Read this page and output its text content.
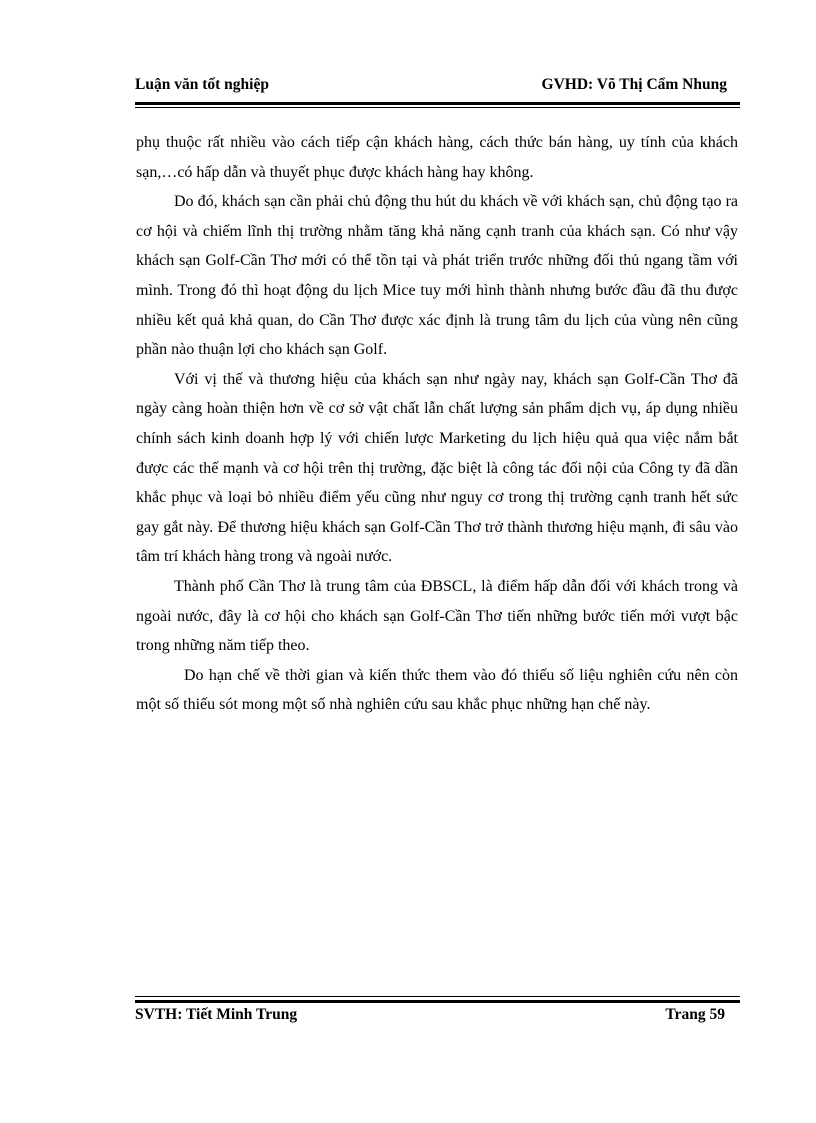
Luận văn tốt nghiệp	GVHD: Võ Thị Cẩm Nhung

phụ thuộc rất nhiều vào cách tiếp cận khách hàng, cách thức bán hàng, uy tính của khách sạn,…có hấp dẫn và thuyết phục được khách hàng hay không.

Do đó, khách sạn cần phải chủ động thu hút du khách về với khách sạn, chủ động tạo ra cơ hội và chiếm lĩnh thị trường nhằm tăng khả năng cạnh tranh của khách sạn. Có như vậy khách sạn Golf-Cần Thơ mới có thể tồn tại và phát triển trước những đối thủ ngang tầm với mình. Trong đó thì hoạt động du lịch Mice tuy mới hình thành nhưng bước đầu đã thu được nhiều kết quả khả quan, do Cần Thơ được xác định là trung tâm du lịch của vùng nên cũng phần nào thuận lợi cho khách sạn Golf.

Với vị thế và thương hiệu của khách sạn như ngày nay, khách sạn Golf-Cần Thơ đã ngày càng hoàn thiện hơn về cơ sở vật chất lẫn chất lượng sản phẩm dịch vụ, áp dụng nhiều chính sách kinh doanh hợp lý với chiến lược Marketing du lịch hiệu quả qua việc nắm bắt được các thế mạnh và cơ hội trên thị trường, đặc biệt là công tác đối nội của Công ty đã dần khắc phục và loại bỏ nhiều điểm yếu cũng như nguy cơ trong thị trường cạnh tranh hết sức gay gắt này. Để thương hiệu khách sạn Golf-Cần Thơ trở thành thương hiệu mạnh, đi sâu vào tâm trí khách hàng trong và ngoài nước.

Thành phố Cần Thơ là trung tâm của ĐBSCL, là điểm hấp dẫn đối với khách trong và ngoài nước, đây là cơ hội cho khách sạn Golf-Cần Thơ tiến những bước tiến mới vượt bậc trong những năm tiếp theo.

Do hạn chế về thời gian và kiến thức them vào đó thiếu số liệu nghiên cứu nên còn một số thiếu sót mong một số nhà nghiên cứu sau khắc phục những hạn chế này.

SVTH: Tiết Minh Trung	Trang 59
